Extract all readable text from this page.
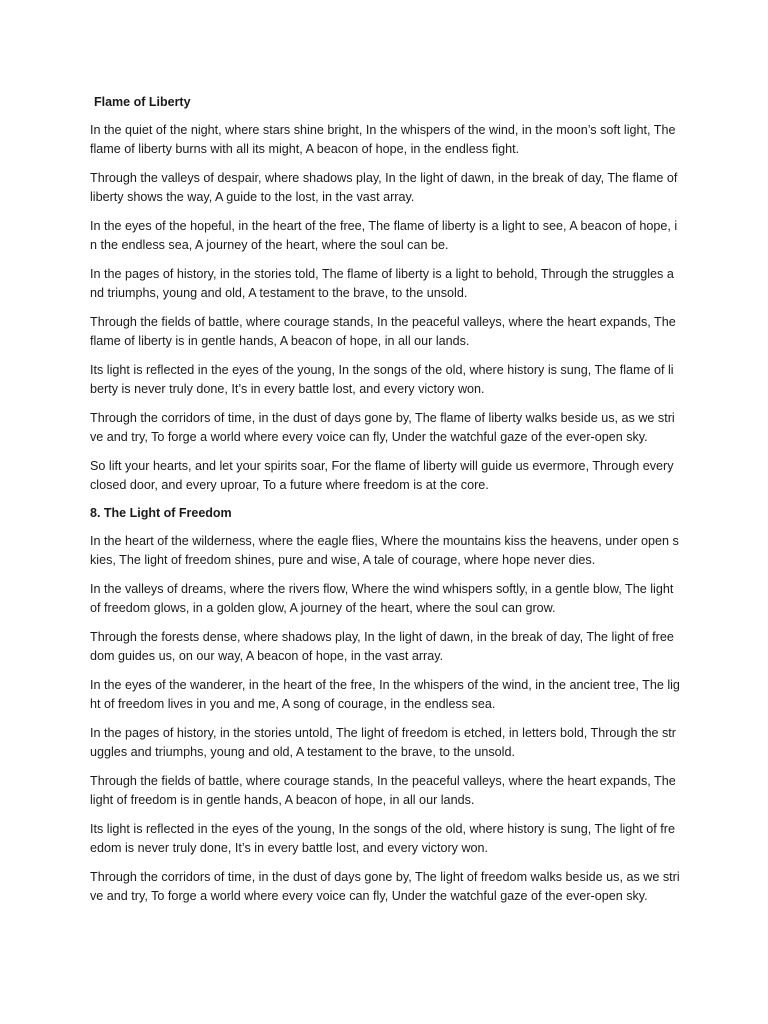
Flame of Liberty
In the quiet of the night, where stars shine bright, In the whispers of the wind, in the moon’s soft light, The flame of liberty burns with all its might, A beacon of hope, in the endless fight.
Through the valleys of despair, where shadows play, In the light of dawn, in the break of day, The flame of liberty shows the way, A guide to the lost, in the vast array.
In the eyes of the hopeful, in the heart of the free, The flame of liberty is a light to see, A beacon of hope, in the endless sea, A journey of the heart, where the soul can be.
In the pages of history, in the stories told, The flame of liberty is a light to behold, Through the struggles and triumphs, young and old, A testament to the brave, to the unsold.
Through the fields of battle, where courage stands, In the peaceful valleys, where the heart expands, The flame of liberty is in gentle hands, A beacon of hope, in all our lands.
Its light is reflected in the eyes of the young, In the songs of the old, where history is sung, The flame of liberty is never truly done, It’s in every battle lost, and every victory won.
Through the corridors of time, in the dust of days gone by, The flame of liberty walks beside us, as we strive and try, To forge a world where every voice can fly, Under the watchful gaze of the ever-open sky.
So lift your hearts, and let your spirits soar, For the flame of liberty will guide us evermore, Through every closed door, and every uproar, To a future where freedom is at the core.
8. The Light of Freedom
In the heart of the wilderness, where the eagle flies, Where the mountains kiss the heavens, under open skies, The light of freedom shines, pure and wise, A tale of courage, where hope never dies.
In the valleys of dreams, where the rivers flow, Where the wind whispers softly, in a gentle blow, The light of freedom glows, in a golden glow, A journey of the heart, where the soul can grow.
Through the forests dense, where shadows play, In the light of dawn, in the break of day, The light of freedom guides us, on our way, A beacon of hope, in the vast array.
In the eyes of the wanderer, in the heart of the free, In the whispers of the wind, in the ancient tree, The light of freedom lives in you and me, A song of courage, in the endless sea.
In the pages of history, in the stories untold, The light of freedom is etched, in letters bold, Through the struggles and triumphs, young and old, A testament to the brave, to the unsold.
Through the fields of battle, where courage stands, In the peaceful valleys, where the heart expands, The light of freedom is in gentle hands, A beacon of hope, in all our lands.
Its light is reflected in the eyes of the young, In the songs of the old, where history is sung, The light of freedom is never truly done, It’s in every battle lost, and every victory won.
Through the corridors of time, in the dust of days gone by, The light of freedom walks beside us, as we strive and try, To forge a world where every voice can fly, Under the watchful gaze of the ever-open sky.
